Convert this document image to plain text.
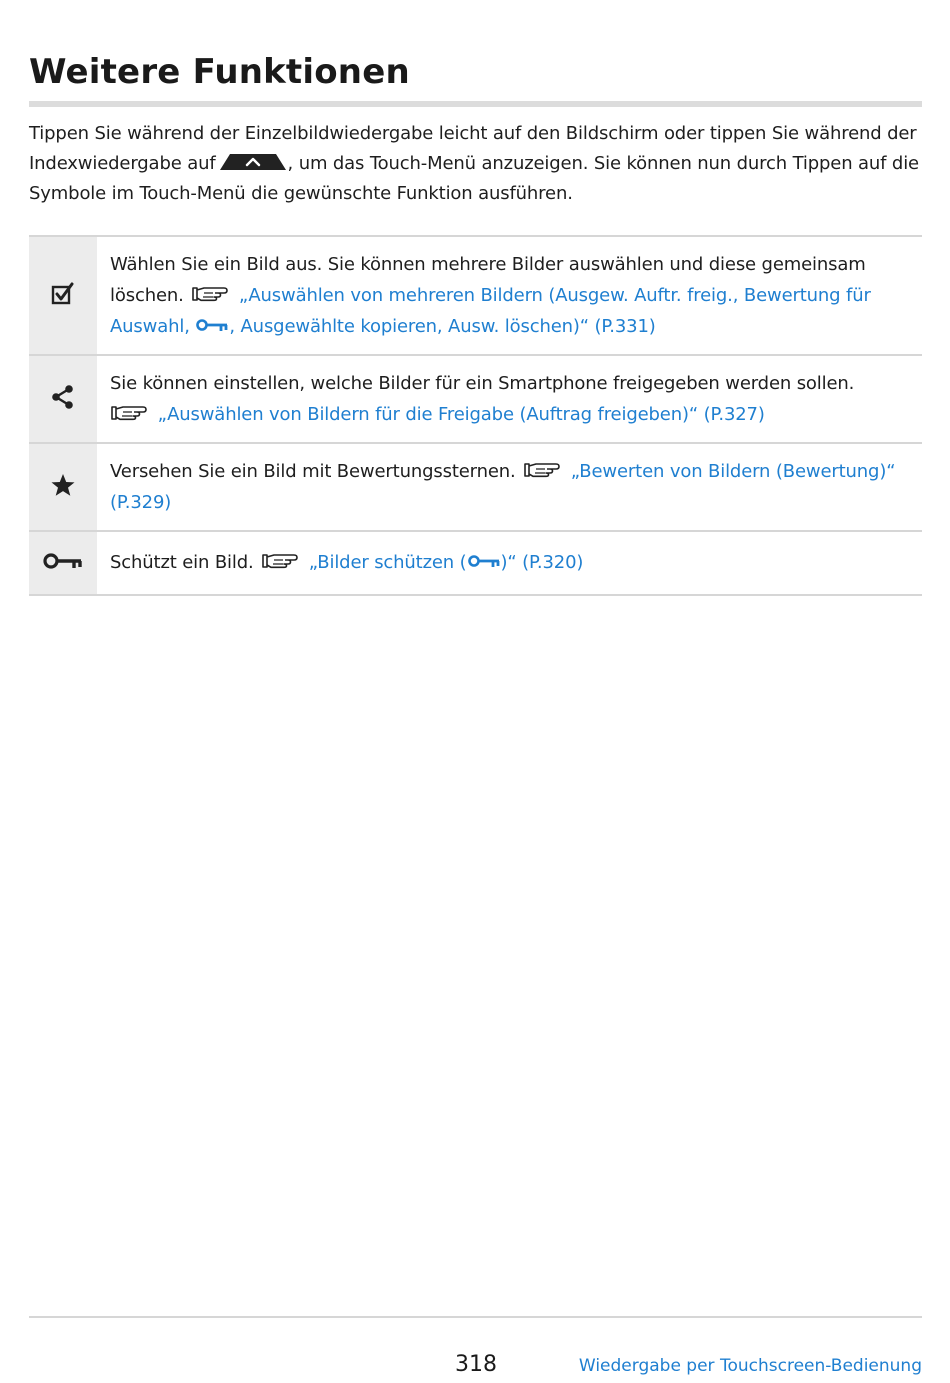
Weitere Funktionen

Tippen Sie während der Einzelbildwiedergabe leicht auf den Bildschirm oder tippen Sie während der

Indexwiedergabe auf	, um das Touch-Menü anzuzeigen. Sie können nun durch Tippen auf die

Symbole im Touch-Menü die gewünschte Funktion ausführen.

Wählen Sie ein Bild aus. Sie können mehrere Bilder auswählen und diese gemeinsam
löschen.	„Auswählen von mehreren Bildern (Ausgew. Auftr. freig., Bewertung für
Auswahl, , Ausgewählte kopieren, Ausw. löschen)“ (P.331)
Sie können einstellen, welche Bilder für ein Smartphone freigegeben werden sollen.
„Auswählen von Bildern für die Freigabe (Auftrag freigeben)“ (P.327)
Versehen Sie ein Bild mit Bewertungssternen.	„Bewerten von Bildern (Bewertung)“
(P.329)
Schützt ein Bild.	„Bilder schützen ( )“ (P.320)
318	Wiedergabe per Touchscreen-Bedienung
